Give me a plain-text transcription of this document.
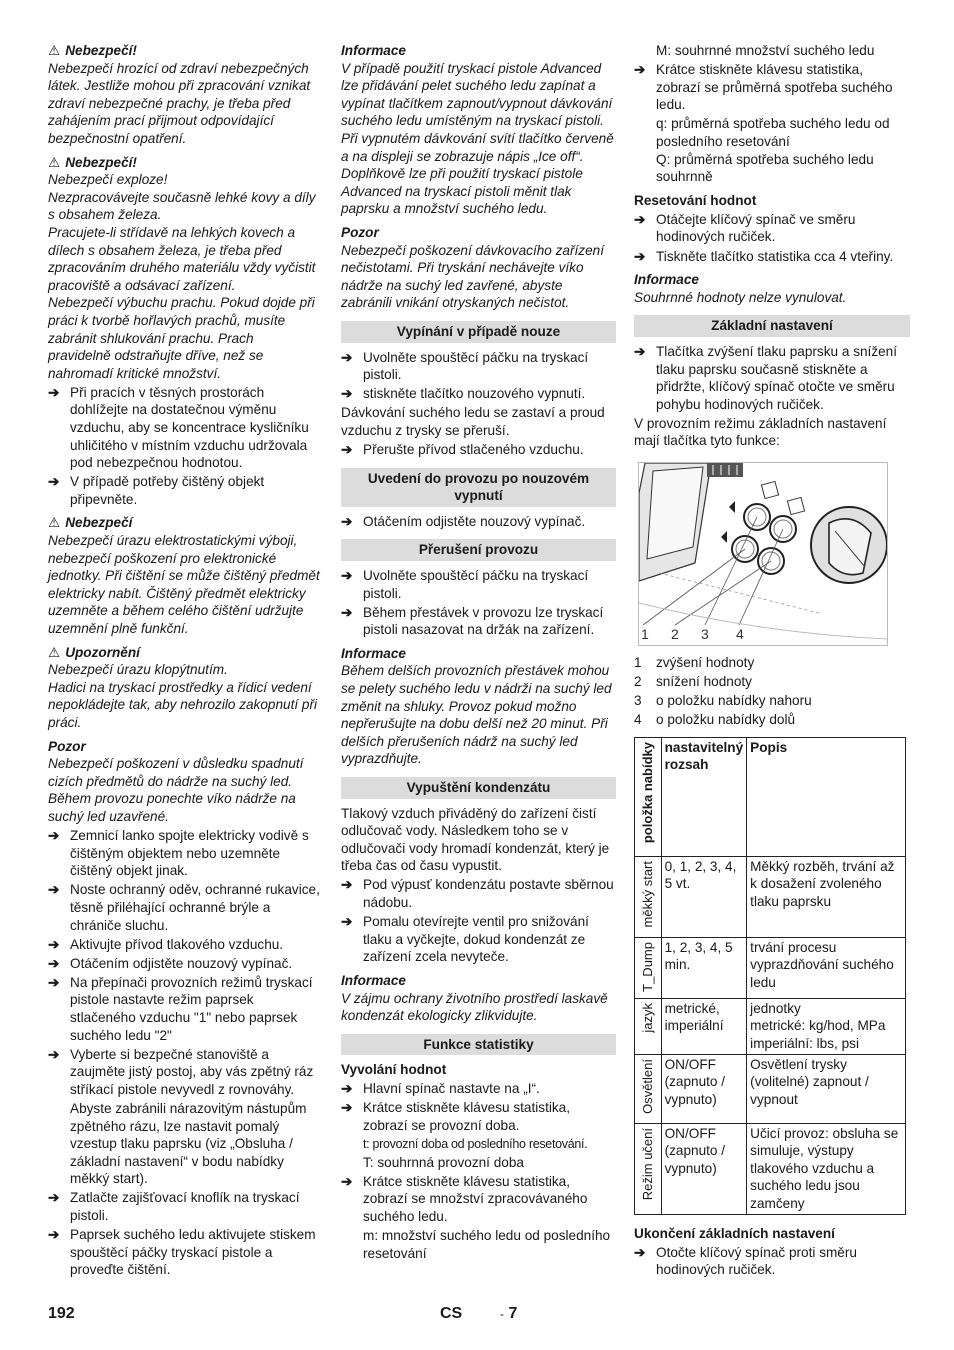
⚠ Nebezpečí!

Nebezpečí hrozící od zdraví nebezpečných látek. Jestliže mohou při zpracování vznikat zdraví nebezpečné prachy, je třeba před zahájením prací přijmout odpovídající bezpečnostní opatření.

⚠ Nebezpečí!

Nebezpečí exploze!

Nezpracovávejte současně lehké kovy a díly s obsahem železa.

Pracujete-li střídavě na lehkých kovech a dílech s obsahem železa, je třeba před zpracováním druhého materiálu vždy vyčistit pracoviště a odsávací zařízení.

Nebezpečí výbuchu prachu. Pokud dojde při práci k tvorbě hořlavých prachů, musíte zabránit shlukování prachu. Prach pravidelně odstraňujte dříve, než se nahromadí kritické množství.

➔ Při pracích v těsných prostorách dohlížejte na dostatečnou výměnu vzduchu, aby se koncentrace kysličníku uhličitého v místním vzduchu udržovala pod nebezpečnou hodnotou.
➔ V případě potřeby čištěný objekt připevněte.

⚠ Nebezpečí

Nebezpečí úrazu elektrostatickými výboji, nebezpečí poškození pro elektronické jednotky. Při čištění se může čištěný předmět elektricky nabít. Čištěný předmět elektricky uzemněte a během celého čištění udržujte uzemnění plně funkční.

⚠ Upozornění

Nebezpečí úrazu klopýtnutím.

Hadici na tryskací prostředky a řídicí vedení nepokládejte tak, aby nehrozilo zakopnutí při práci.

Pozor

Nebezpečí poškození v důsledku spadnutí cizích předmětů do nádrže na suchý led. Během provozu ponechte víko nádrže na suchý led uzavřené.

➔ Zemnicí lanko spojte elektricky vodivě s čištěným objektem nebo uzemněte čištěný objekt jinak.
➔ Noste ochranný oděv, ochranné rukavice, těsně přiléhající ochranné brýle a chrániče sluchu.
➔ Aktivujte přívod tlakového vzduchu.
➔ Otáčením odjistěte nouzový vypínač.
➔ Na přepínači provozních režimů tryskací pistole nastavte režim paprsek stlačeného vzduchu "1" nebo paprsek suchého ledu "2"
➔ Vyberte si bezpečné stanoviště a zaujměte jistý postoj, aby vás zpětný ráz stříkací pistole nevyvedl z rovnováhy.

Abyste zabránili nárazovitým nástupům zpětného rázu, lze nastavit pomalý vzestup tlaku paprsku (viz „Obsluha / základní nastavení“ v bodu nabídky měkký start).

➔ Zatlačte zajišťovací knoflík na tryskací pistoli.
➔ Paprsek suchého ledu aktivujete stiskem spouštěcí páčky tryskací pistole a proveďte čištění.

Informace

V případě použití tryskací pistole Advanced lze přidávání pelet suchého ledu zapínat a vypínat tlačítkem zapnout/vypnout dávkování suchého ledu umístěným na tryskací pistoli. Při vypnutém dávkování svítí tlačítko červeně a na displeji se zobrazuje nápis „Ice off“.

Doplňkově lze při použití tryskací pistole Advanced na tryskací pistoli měnit tlak paprsku a množství suchého ledu.

Pozor

Nebezpečí poškození dávkovacího zařízení nečistotami. Při tryskání nechávejte víko nádrže na suchý led zavřené, abyste zabránili vnikání otryskaných nečistot.

Vypínání v případě nouze
➔ Uvolněte spouštěcí páčku na tryskací pistoli.
➔ stiskněte tlačítko nouzového vypnutí.

Dávkování suchého ledu se zastaví a proud vzduchu z trysky se přeruší.

➔ Přerušte přívod stlačeného vzduchu.
Uvedení do provozu po nouzovém vypnutí
➔ Otáčením odjistěte nouzový vypínač.
Přerušení provozu
➔ Uvolněte spouštěcí páčku na tryskací pistoli.
➔ Během přestávek v provozu lze tryskací pistoli nasazovat na držák na zařízení.

Informace

Během delších provozních přestávek mohou se pelety suchého ledu v nádrži na suchý led změnit na shluky. Provoz pokud možno nepřerušujte na dobu delší než 20 minut. Při delších přerušeních nádrž na suchý led vyprazdňujte.

Vypuštění kondenzátu

Tlakový vzduch přiváděný do zařízení čistí odlučovač vody. Následkem toho se v odlučovači vody hromadí kondenzát, který je třeba čas od času vypustit.

➔ Pod výpusť kondenzátu postavte sběrnou nádobu.
➔ Pomalu otevírejte ventil pro snižování tlaku a vyčkejte, dokud kondenzát ze zařízení zcela nevyteče.

Informace

V zájmu ochrany životního prostředí laskavě kondenzát ekologicky zlikvidujte.

Funkce statistiky

Vyvolání hodnot

➔ Hlavní spínač nastavte na „I“.
➔ Krátce stiskněte klávesu statistika, zobrazí se provozní doba.

t: provozní doba od posledního resetování.

T: souhrnná provozní doba

➔ Krátce stiskněte klávesu statistika, zobrazí se množství zpracovávaného suchého ledu.

m: množství suchého ledu od posledního resetování

M: souhrnné množství suchého ledu

➔ Krátce stiskněte klávesu statistika, zobrazí se průměrná spotřeba suchého ledu.

q: průměrná spotřeba suchého ledu od posledního resetování

Q: průměrná spotřeba suchého ledu souhrnně

Resetování hodnot

➔ Otáčejte klíčový spínač ve směru hodinových ručiček.
➔ Tiskněte tlačítko statistika cca 4 vteřiny.

Informace

Souhrnné hodnoty nelze vynulovat.

Základní nastavení
➔ Tlačítka zvýšení tlaku paprsku a snížení tlaku paprsku současně stiskněte a přidržte, klíčový spínač otočte ve směru pohybu hodinových ručiček.

V provozním režimu základních nastavení mají tlačítka tyto funkce:

1 2 3 4
1	zvýšení hodnoty
2	snížení hodnoty
3	o položku nabídky nahoru
4	o položku nabídky dolů
položka nabídky	nastavitelný rozsah	Popis

měkký start	0, 1, 2, 3, 4, 5 vt.	Měkký rozběh, trvání až k dosažení zvoleného tlaku paprsku

T_Dump	1, 2, 3, 4, 5 min.	trvání procesu vyprazdňování suchého ledu

jazyk	metrické, imperiální	jednotky
metrické: kg/hod, MPa
imperiální: lbs, psi

Osvětlení	ON/OFF (zapnuto / vypnuto)	Osvětlení trysky (volitelné) zapnout / vypnout

Režim učení	ON/OFF (zapnuto / vypnuto)	Učicí provoz: obsluha se simuluje, výstupy tlakového vzduchu a suchého ledu jsou zamčeny

Ukončení základních nastavení

➔ Otočte klíčový spínač proti směru hodinových ručiček.
192	CS	- 7
